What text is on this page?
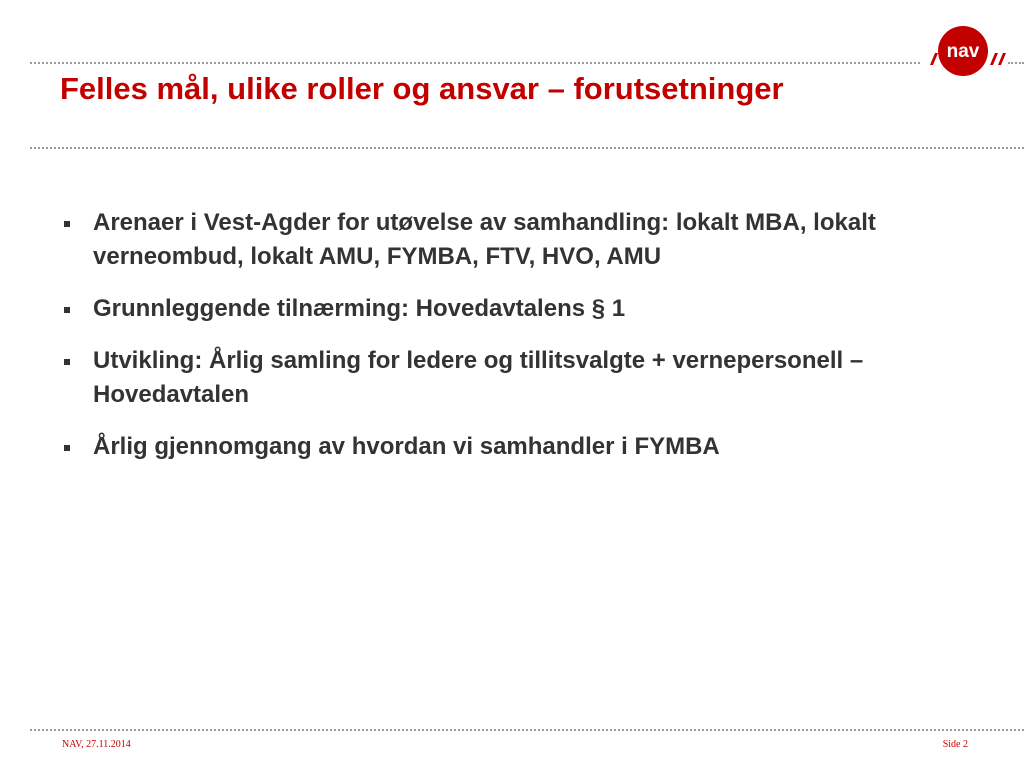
nav
Felles mål, ulike roller og ansvar – forutsetninger
Arenaer i Vest-Agder for utøvelse av samhandling: lokalt MBA, lokalt verneombud, lokalt AMU, FYMBA, FTV, HVO, AMU
Grunnleggende tilnærming: Hovedavtalens § 1
Utvikling: Årlig samling for ledere og tillitsvalgte + vernepersonell – Hovedavtalen
Årlig gjennomgang av hvordan vi samhandler i FYMBA
NAV, 27.11.2014	Side 2
